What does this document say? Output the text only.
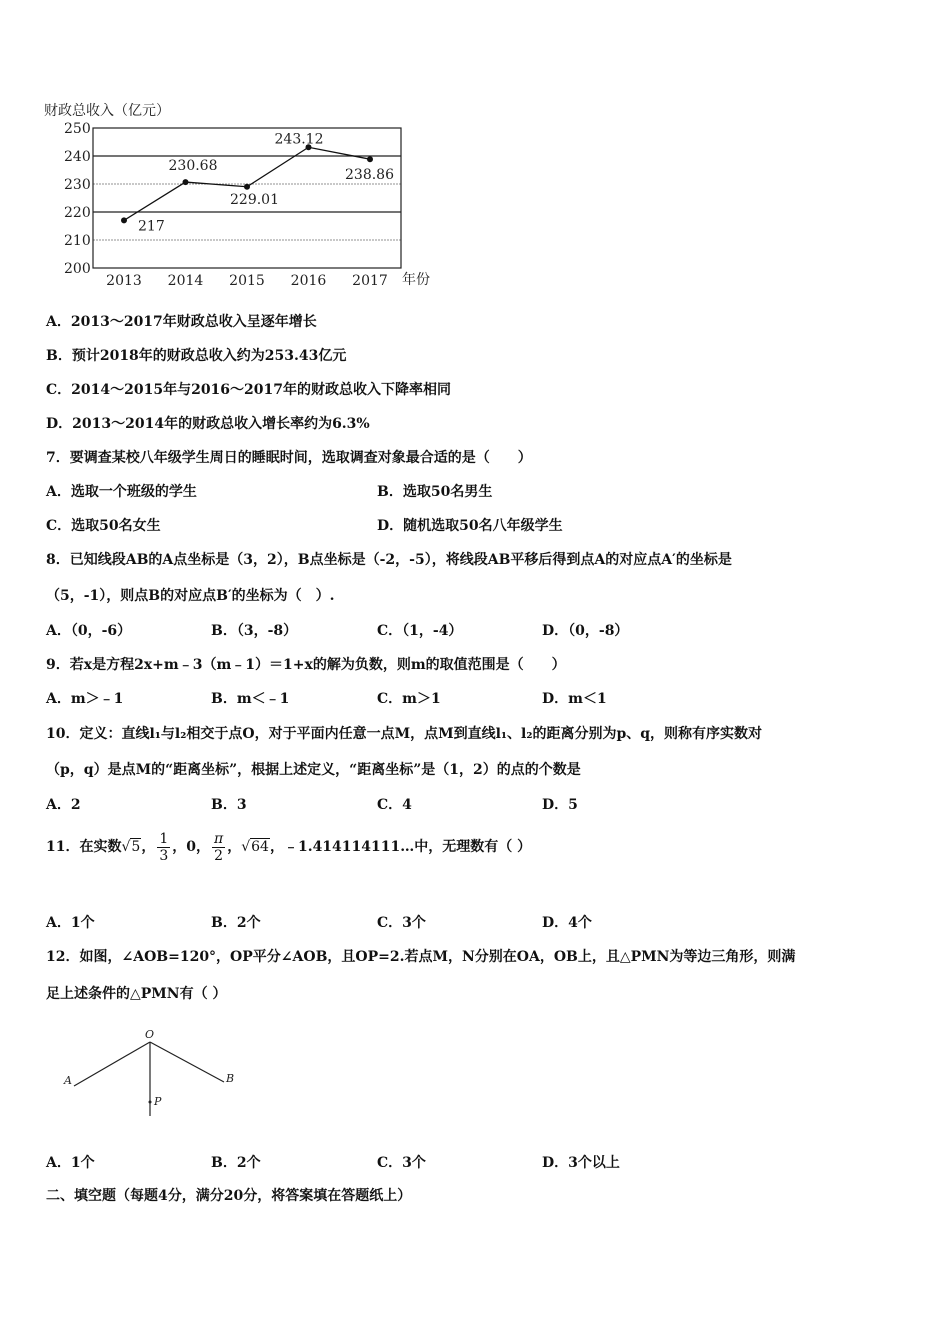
财政总收入（亿元）
200
210
220
230
240
250
2013 2014 2015 2016 2017
217
230.68
229.01
243.12
238.86
年份
A．2013～2017年财政总收入呈逐年增长
B．预计2018年的财政总收入约为253.43亿元
C．2014～2015年与2016～2017年的财政总收入下降率相同
D．2013～2014年的财政总收入增长率约为6.3%
7．要调查某校八年级学生周日的睡眠时间，选取调查对象最合适的是（　　）
A．选取一个班级的学生	B．选取50名男生
C．选取50名女生	D．随机选取50名八年级学生
8．已知线段AB的A点坐标是（3，2），B点坐标是（-2，-5），将线段AB平移后得到点A的对应点A′的坐标是
（5，-1），则点B的对应点B′的坐标为（　）.
A．（0，-6）	B．（3，-8）	C．（1，-4）	D．（0，-8）
9．若x是方程2x+m﹣3（m﹣1）＝1+x的解为负数，则m的取值范围是（　　）
A．m＞﹣1	B．m＜﹣1	C．m＞1	D．m＜1
10．定义：直线l₁与l₂相交于点O，对于平面内任意一点M，点M到直线l₁、l₂的距离分别为p、q，则称有序实数对
（p，q）是点M的“距离坐标”，根据上述定义，“距离坐标”是（1，2）的点的个数是
A．2	B．3	C．4	D．5
11．在实数√5， $\frac{1}{3}$ ，0， $\frac{\pi}{2}$ ，√64，﹣1.414114111…中，无理数有（ ）
A．1个	B．2个	C．3个	D．4个
12．如图，∠AOB=120°，OP平分∠AOB，且OP=2.若点M，N分别在OA，OB上，且△PMN为等边三角形，则满
足上述条件的△PMN有（ ）
O
A	B
P
A．1个	B．2个	C．3个	D．3个以上
二、填空题（每题4分，满分20分，将答案填在答题纸上）
